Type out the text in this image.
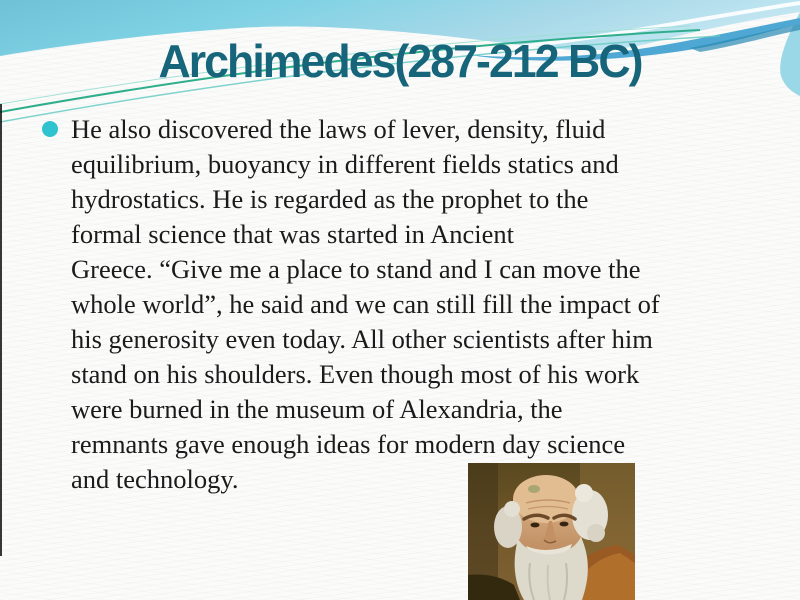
Archimedes(287-212 BC)
He also discovered the laws of lever, density, fluid
equilibrium, buoyancy in different fields statics and
hydrostatics. He is regarded as the prophet to the
formal science that was started in Ancient
Greece. “Give me a place to stand and I can move the
whole world”, he said and we can still fill the impact of
his generosity even today. All other scientists after him
stand on his shoulders. Even though most of his work
were burned in the museum of Alexandria, the
remnants gave enough ideas for modern day science
and technology.
